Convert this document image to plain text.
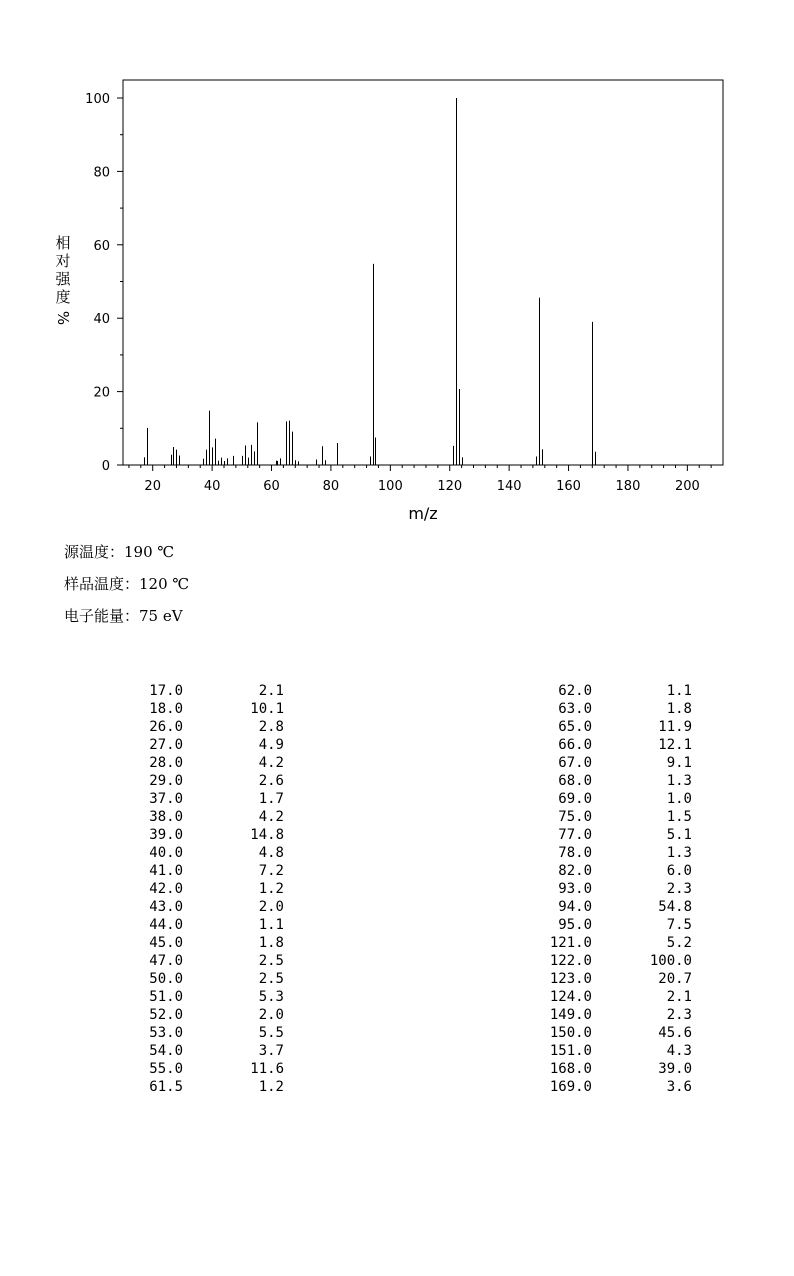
0
20
40
60
80
100
20	40	60	80	100	120	140	160	180	200
m/z
相
对
强
度
%
源温度：190 ℃
样品温度：120 ℃
电子能量：75 eV
17.0	2.1
18.0	10.1
26.0	2.8
27.0	4.9
28.0	4.2
29.0	2.6
37.0	1.7
38.0	4.2
39.0	14.8
40.0	4.8
41.0	7.2
42.0	1.2
43.0	2.0
44.0	1.1
45.0	1.8
47.0	2.5
50.0	2.5
51.0	5.3
52.0	2.0
53.0	5.5
54.0	3.7
55.0	11.6
61.5	1.2
62.0	1.1
63.0	1.8
65.0	11.9
66.0	12.1
67.0	9.1
68.0	1.3
69.0	1.0
75.0	1.5
77.0	5.1
78.0	1.3
82.0	6.0
93.0	2.3
94.0	54.8
95.0	7.5
121.0	5.2
122.0	100.0
123.0	20.7
124.0	2.1
149.0	2.3
150.0	45.6
151.0	4.3
168.0	39.0
169.0	3.6
